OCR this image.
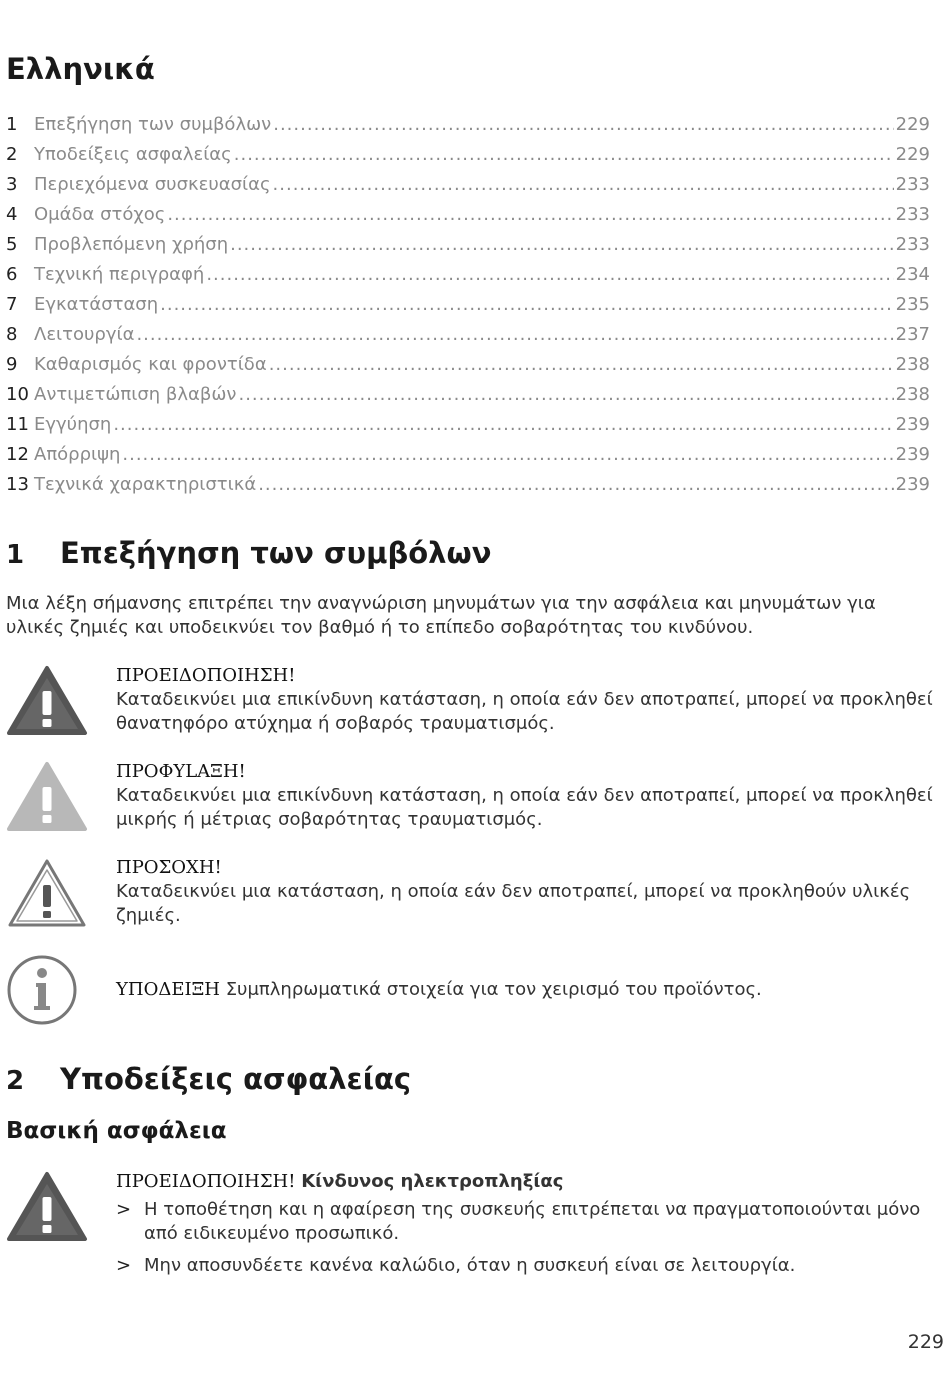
Ελληνικά
1 Επεξήγηση των συμβόλων .....	229
2 Υποδείξεις ασφαλείας .....	229
3 Περιεχόμενα συσκευασίας .....	233
4 Ομάδα στόχος .....	233
5 Προβλεπόμενη χρήση .....	233
6 Τεχνική περιγραφή .....	234
7 Εγκατάσταση .....	235
8 Λειτουργία .....	237
9 Καθαρισμός και φροντίδα .....	238
10 Αντιμετώπιση βλαβών .....	238
11 Εγγύηση .....	239
12 Απόρριψη .....	239
13 Τεχνικά χαρακτηριστικά .....	239
1	Επεξήγηση των συμβόλων
Μια λέξη σήμανσης επιτρέπει την αναγνώριση μηνυμάτων για την ασφάλεια και μηνυμάτων για υλικές ζημιές και υποδεικνύει τον βαθμό ή το επίπεδο σοβαρότητας του κινδύνου.
ΠΡΟΕΙΔΟΠΟΙΗΣΗ!
Καταδεικνύει μια επικίνδυνη κατάσταση, η οποία εάν δεν αποτραπεί, μπορεί να προκληθεί θανατηφόρο ατύχημα ή σοβαρός τραυματισμός.
ΠΡΟΦΥLΑΞΗ!
Καταδεικνύει μια επικίνδυνη κατάσταση, η οποία εάν δεν αποτραπεί, μπορεί να προκληθεί μικρής ή μέτριας σοβαρότητας τραυματισμός.
ΠΡΟΣΟΧΗ!
Καταδεικνύει μια κατάσταση, η οποία εάν δεν αποτραπεί, μπορεί να προκληθούν υλικές ζημιές.
ΥΠΟΔΕΙΞΗ Συμπληρωματικά στοιχεία για τον χειρισμό του προϊόντος.
2	Υποδείξεις ασφαλείας
Βασική ασφάλεια
ΠΡΟΕΙΔΟΠΟΙΗΣΗ! Κίνδυνος ηλεκτροπληξίας
> Η τοποθέτηση και η αφαίρεση της συσκευής επιτρέπεται να πραγματοποιούνται μόνο από ειδικευμένο προσωπικό.
> Μην αποσυνδέετε κανένα καλώδιο, όταν η συσκευή είναι σε λειτουργία.
229
